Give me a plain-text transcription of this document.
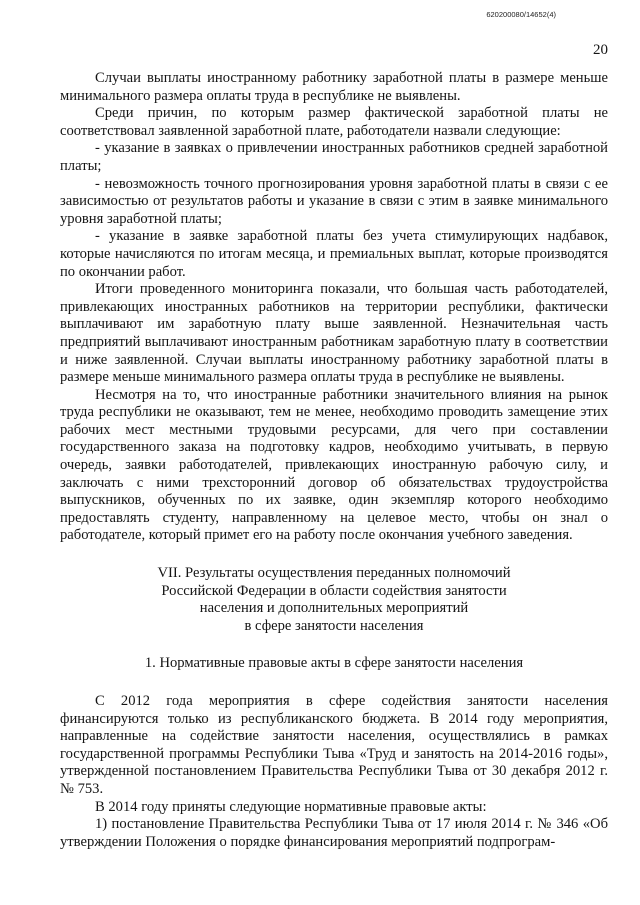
620200080/14652(4)
20

Случаи выплаты иностранному работнику заработной платы в размере меньше минимального размера оплаты труда в республике не выявлены.

Среди причин, по которым размер фактической заработной платы не соответствовал заявленной заработной плате, работодатели назвали следующие:

- указание в заявках о привлечении иностранных работников средней заработной платы;

- невозможность точного прогнозирования уровня заработной платы в связи с ее зависимостью от результатов работы и указание в связи с этим в заявке минимального уровня заработной платы;

- указание в заявке заработной платы без учета стимулирующих надбавок, которые начисляются по итогам месяца, и премиальных выплат, которые производятся по окончании работ.

Итоги проведенного мониторинга показали, что большая часть работодателей, привлекающих иностранных работников на территории республики, фактически выплачивают им заработную плату выше заявленной. Незначительная часть предприятий выплачивают иностранным работникам заработную плату в соответствии и ниже заявленной. Случаи выплаты иностранному работнику заработной платы в размере меньше минимального размера оплаты труда в республике не выявлены.

Несмотря на то, что иностранные работники значительного влияния на рынок труда республики не оказывают, тем не менее, необходимо проводить замещение этих рабочих мест местными трудовыми ресурсами, для чего при составлении государственного заказа на подготовку кадров, необходимо учитывать, в первую очередь, заявки работодателей, привлекающих иностранную рабочую силу, и заключать с ними трехсторонний договор об обязательствах трудоустройства выпускников, обученных по их заявке, один экземпляр которого необходимо предоставлять студенту, направленному на целевое место, чтобы он знал о работодателе, который примет его на работу после окончания учебного заведения.

VII. Результаты осуществления переданных полномочий
Российской Федерации в области содействия занятости
населения и дополнительных мероприятий
в сфере занятости населения
1. Нормативные правовые акты в сфере занятости населения

С 2012 года мероприятия в сфере содействия занятости населения финансируются только из республиканского бюджета. В 2014 году мероприятия, направленные на содействие занятости населения, осуществлялись в рамках государственной программы Республики Тыва «Труд и занятость на 2014-2016 годы», утвержденной постановлением Правительства Республики Тыва от 30 декабря 2012 г. № 753.

В 2014 году приняты следующие нормативные правовые акты:

1) постановление Правительства Республики Тыва от 17 июля 2014 г. № 346 «Об утверждении Положения о порядке финансирования мероприятий подпрограм-
